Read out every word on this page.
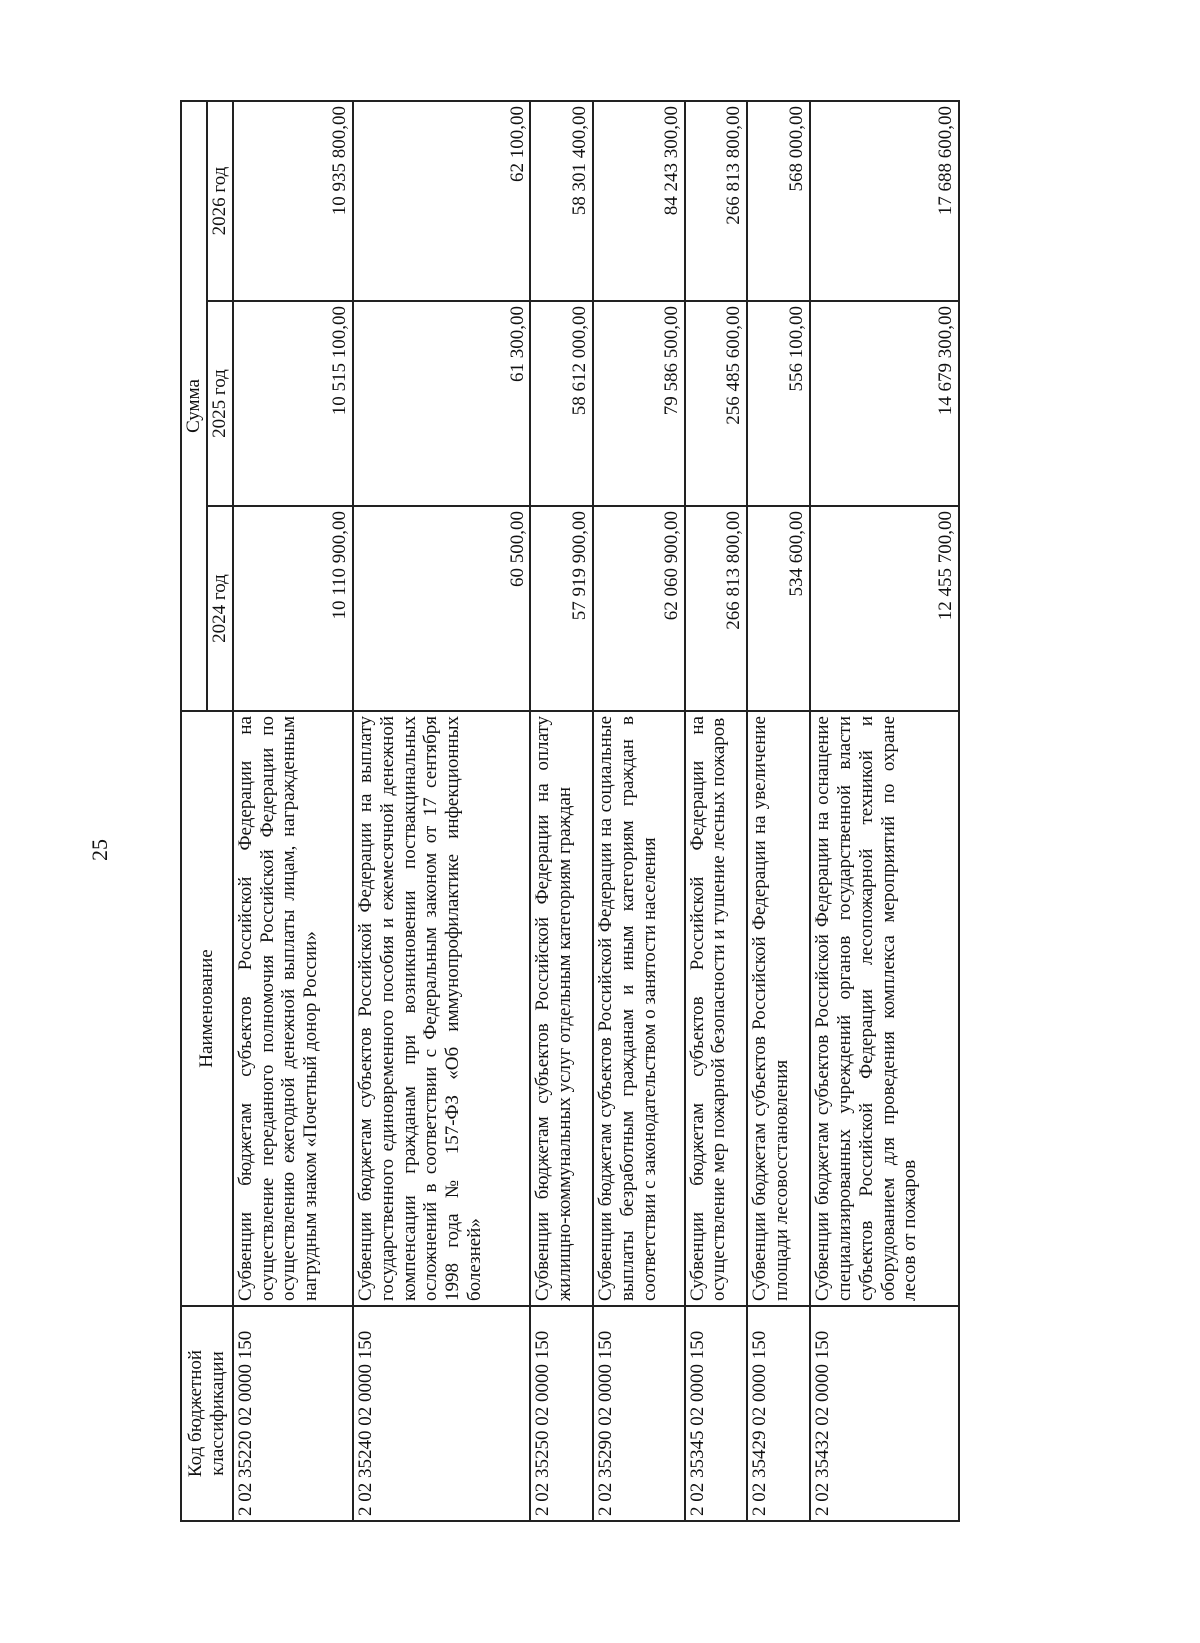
25
Код бюджетной классификации	Наименование	Сумма		
		2024 год	2025 год	2026 год
2 02 35220 02 0000 150	Субвенции бюджетам субъектов Российской Федерации на осуществление переданного полномочия Российской Федерации по осуществлению ежегодной денежной выплаты лицам, награжденным нагрудным знаком «Почетный донор России»	10 110 900,00	10 515 100,00	10 935 800,00
2 02 35240 02 0000 150	Субвенции бюджетам субъектов Российской Федерации на выплату государственного единовременного пособия и ежемесячной денежной компенсации гражданам при возникновении поствакцинальных осложнений в соответствии с Федеральным законом от 17 сентября 1998 года № 157-ФЗ «Об иммунопрофилактике инфекционных болезней»	60 500,00	61 300,00	62 100,00
2 02 35250 02 0000 150	Субвенции бюджетам субъектов Российской Федерации на оплату жилищно-коммунальных услуг отдельным категориям граждан	57 919 900,00	58 612 000,00	58 301 400,00
2 02 35290 02 0000 150	Субвенции бюджетам субъектов Российской Федерации на социальные выплаты безработным гражданам и иным категориям граждан в соответствии с законодательством о занятости населения	62 060 900,00	79 586 500,00	84 243 300,00
2 02 35345 02 0000 150	Субвенции бюджетам субъектов Российской Федерации на осуществление мер пожарной безопасности и тушение лесных пожаров	266 813 800,00	256 485 600,00	266 813 800,00
2 02 35429 02 0000 150	Субвенции бюджетам субъектов Российской Федерации на увеличение площади лесовосстановления	534 600,00	556 100,00	568 000,00
2 02 35432 02 0000 150	Субвенции бюджетам субъектов Российской Федерации на оснащение специализированных учреждений органов государственной власти субъектов Российской Федерации лесопожарной техникой и оборудованием для проведения комплекса мероприятий по охране лесов от пожаров	12 455 700,00	14 679 300,00	17 688 600,00
